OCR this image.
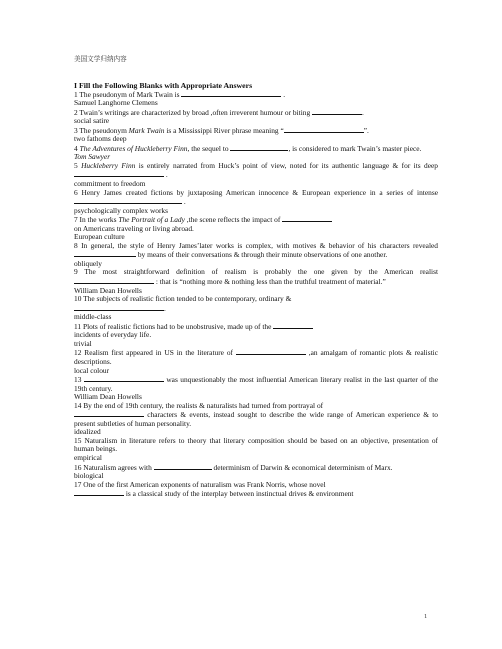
美国文学归纳内容
I Fill the Following Blanks with Appropriate Answers
1 The pseudonym of Mark Twain is	.
Samuel Langhorne Clemens
2 Twain’s writings are characterized by broad ,often irreverent humour or biting	.
social satire
3 The pseudonym Mark Twain is a Mississippi River phrase meaning “	”.
two fathoms deep
4 The Adventures of Huckleberry Finn, the sequel to	, is considered to mark Twain’s master piece.
Tom Sawyer
5 Huckleberry Finn is entirely narrated from Huck’s point of view, noted for its authentic language & for its deep  .
commitment to freedom
6 Henry James created fictions by juxtaposing American innocence & European experience in a series of intense  .
psychologically complex works
7 In the works The Portrait of a Lady ,the scene reflects the impact of
on Americans traveling or living abroad.
European culture
8 In general, the style of Henry James’later works is complex, with motives & behavior of his characters revealed  by means of their conversations & through their minute observations of one another.
obliquely
9 The most straightforward definition of realism is probably the one given by the American realist  : that is “nothing more & nothing less than the truthful treatment of material.”
William Dean Howells
10 The subjects of realistic fiction tended to be contemporary, ordinary &
.
middle-class
11 Plots of realistic fictions had to be unobstrusive, made up of the
incidents of everyday life.
trivial
12 Realism first appeared in US in the literature of	,an amalgam of romantic plots & realistic descriptions.
local colour
13	was unquestionably the most influential American literary realist in the last quarter of the 19th century.
William Dean Howells
14 By the end of 19th century, the realists & naturalists had turned from portrayal of
characters & events, instead sought to describe the wide range of American experience & to present subtleties of human personality.
idealized
15 Naturalism in literature refers to theory that literary composition should be based on an objective, presentation of human beings.
empirical
16 Naturalism agrees with	determinism of Darwin & economical determinism of Marx.
biological
17 One of the first American exponents of naturalism was Frank Norris, whose novel
is a classical study of the interplay between instinctual drives & environment
1
